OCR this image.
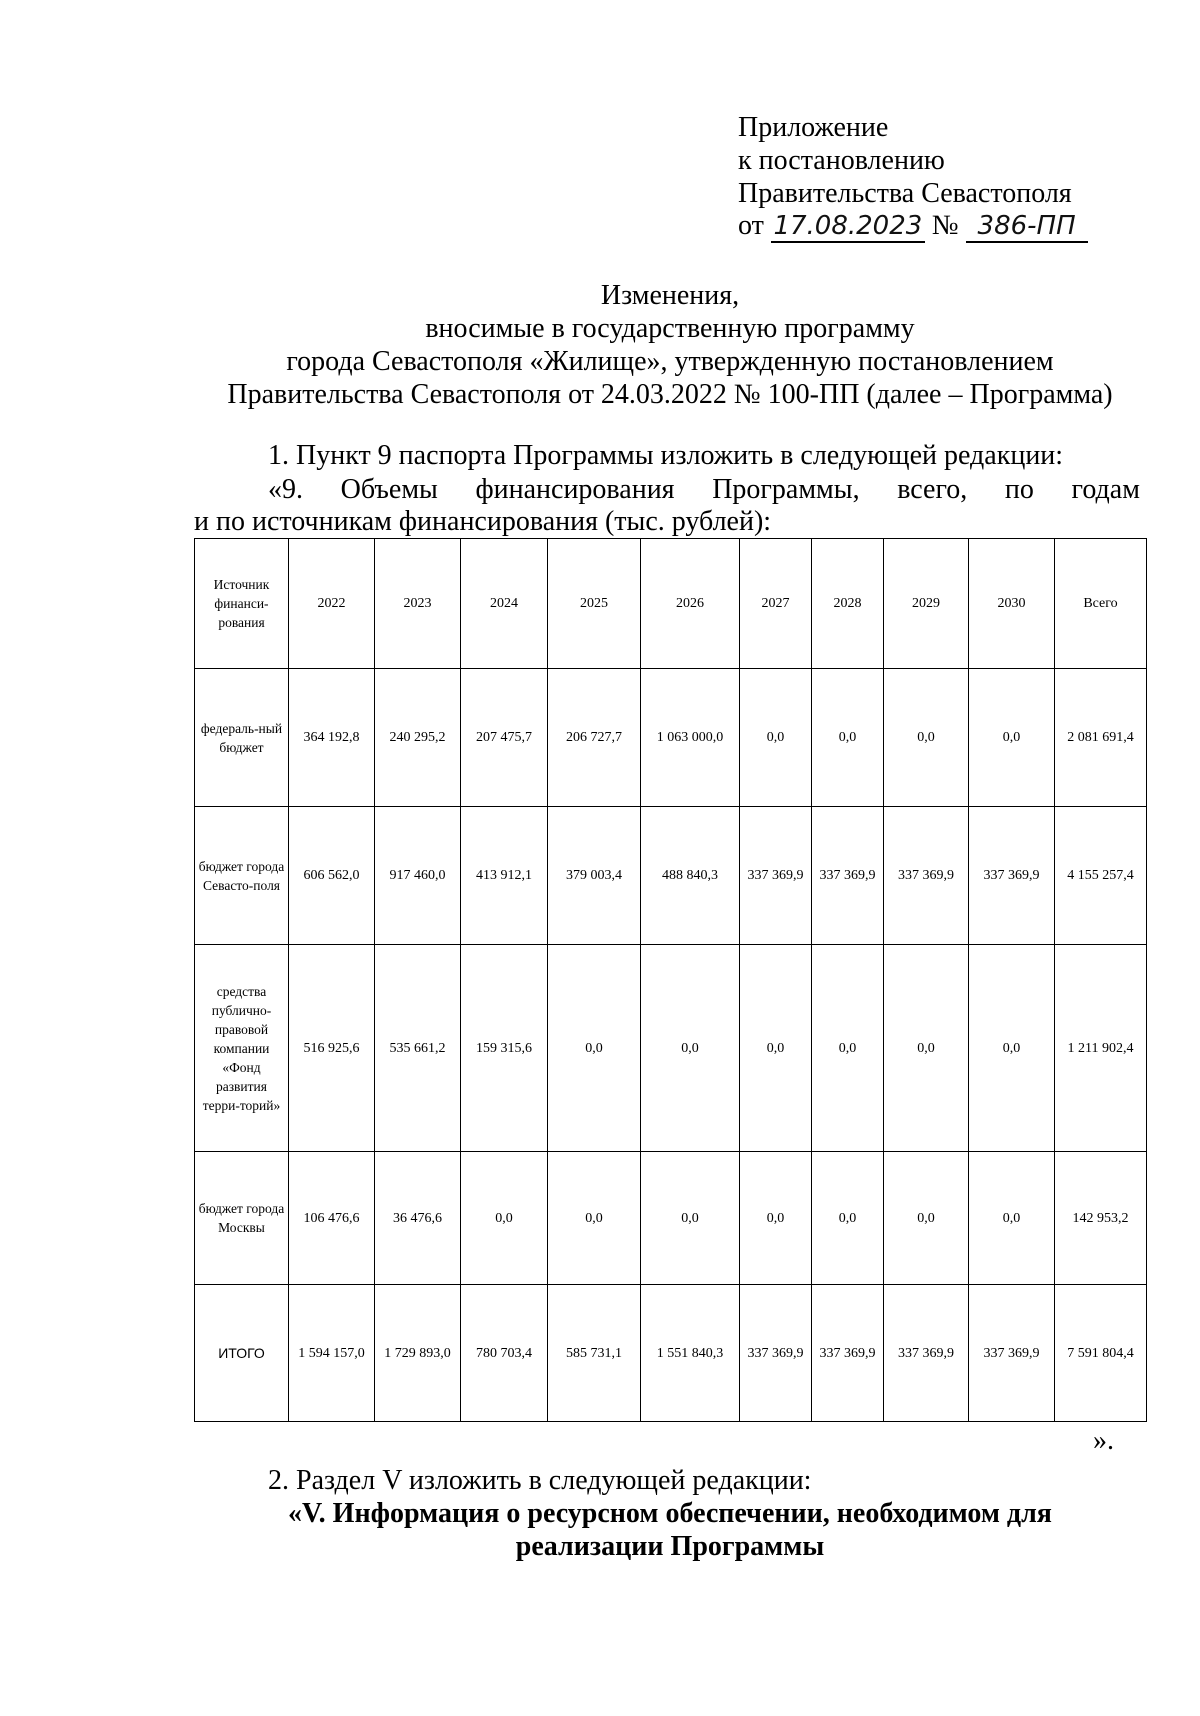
Приложение
к постановлению
Правительства Севастополя
от 17.08.2023 № 386-ПП
Изменения,
вносимые в государственную программу
города Севастополя «Жилище», утвержденную постановлением
Правительства Севастополя от 24.03.2022 № 100-ПП (далее – Программа)
1. Пункт 9 паспорта Программы изложить в следующей редакции:
«9. Объемы финансирования Программы, всего, по годам
и по источникам финансирования (тыс. рублей):
Источник финанси-рования	2022	2023	2024	2025	2026	2027	2028	2029	2030	Всего
федераль-ный бюджет	364 192,8	240 295,2	207 475,7	206 727,7	1 063 000,0	0,0	0,0	0,0	0,0	2 081 691,4
бюджет города Севасто-поля	606 562,0	917 460,0	413 912,1	379 003,4	488 840,3	337 369,9	337 369,9	337 369,9	337 369,9	4 155 257,4
средства публично-правовой компании «Фонд развития терри-торий»	516 925,6	535 661,2	159 315,6	0,0	0,0	0,0	0,0	0,0	0,0	1 211 902,4
бюджет города Москвы	106 476,6	36 476,6	0,0	0,0	0,0	0,0	0,0	0,0	0,0	142 953,2
ИТОГО	1 594 157,0	1 729 893,0	780 703,4	585 731,1	1 551 840,3	337 369,9	337 369,9	337 369,9	337 369,9	7 591 804,4
».
2. Раздел V изложить в следующей редакции:
«V. Информация о ресурсном обеспечении, необходимом для
реализации Программы
